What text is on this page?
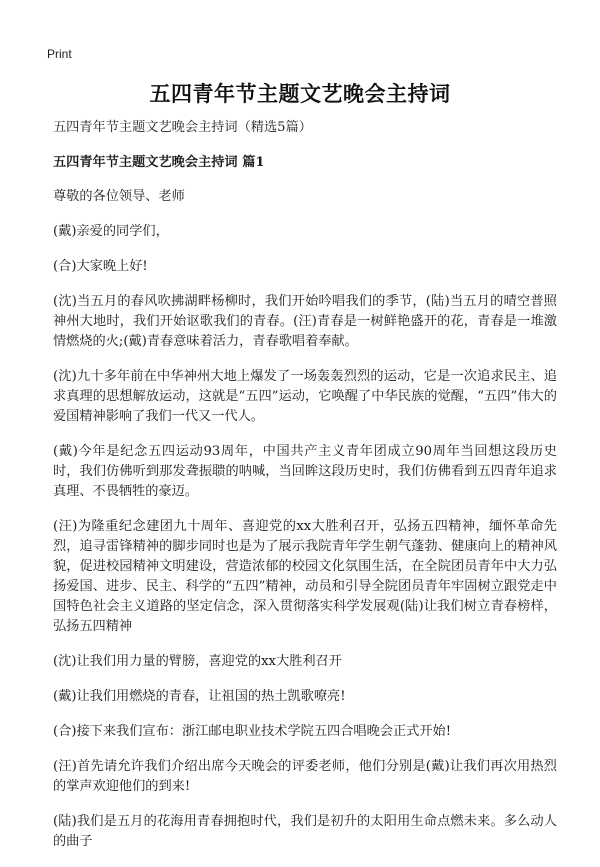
Print
五四青年节主题文艺晚会主持词

五四青年节主题文艺晚会主持词（精选5篇）

五四青年节主题文艺晚会主持词 篇1

尊敬的各位领导、老师

(戴)亲爱的同学们，

(合)大家晚上好!

(沈)当五月的春风吹拂湖畔杨柳时，我们开始吟唱我们的季节，(陆)当五月的晴空普照神州大地时，我们开始讴歌我们的青春。(汪)青春是一树鲜艳盛开的花，青春是一堆激情燃烧的火;(戴)青春意味着活力，青春歌唱着奉献。

(沈)九十多年前在中华神州大地上爆发了一场轰轰烈烈的运动，它是一次追求民主、追求真理的思想解放运动，这就是“五四”运动，它唤醒了中华民族的觉醒，“五四”伟大的爱国精神影响了我们一代又一代人。

(戴)今年是纪念五四运动93周年，中国共产主义青年团成立90周年当回想这段历史时，我们仿佛听到那发聋振聩的呐喊，当回眸这段历史时，我们仿佛看到五四青年追求真理、不畏牺牲的豪迈。

(汪)为隆重纪念建团九十周年、喜迎党的xx大胜利召开，弘扬五四精神，缅怀革命先烈，追寻雷锋精神的脚步同时也是为了展示我院青年学生朝气蓬勃、健康向上的精神风貌，促进校园精神文明建设，营造浓郁的校园文化氛围生活，在全院团员青年中大力弘扬爱国、进步、民主、科学的“五四”精神，动员和引导全院团员青年牢固树立跟党走中国特色社会主义道路的坚定信念，深入贯彻落实科学发展观(陆)让我们树立青春榜样，弘扬五四精神

(沈)让我们用力量的臂膀，喜迎党的xx大胜利召开

(戴)让我们用燃烧的青春，让祖国的热土凯歌嘹亮!

(合)接下来我们宣布：浙江邮电职业技术学院五四合唱晚会正式开始!

(汪)首先请允许我们介绍出席今天晚会的评委老师，他们分别是(戴)让我们再次用热烈的掌声欢迎他们的到来!

(陆)我们是五月的花海用青春拥抱时代，我们是初升的太阳用生命点燃未来。多么动人的曲子
